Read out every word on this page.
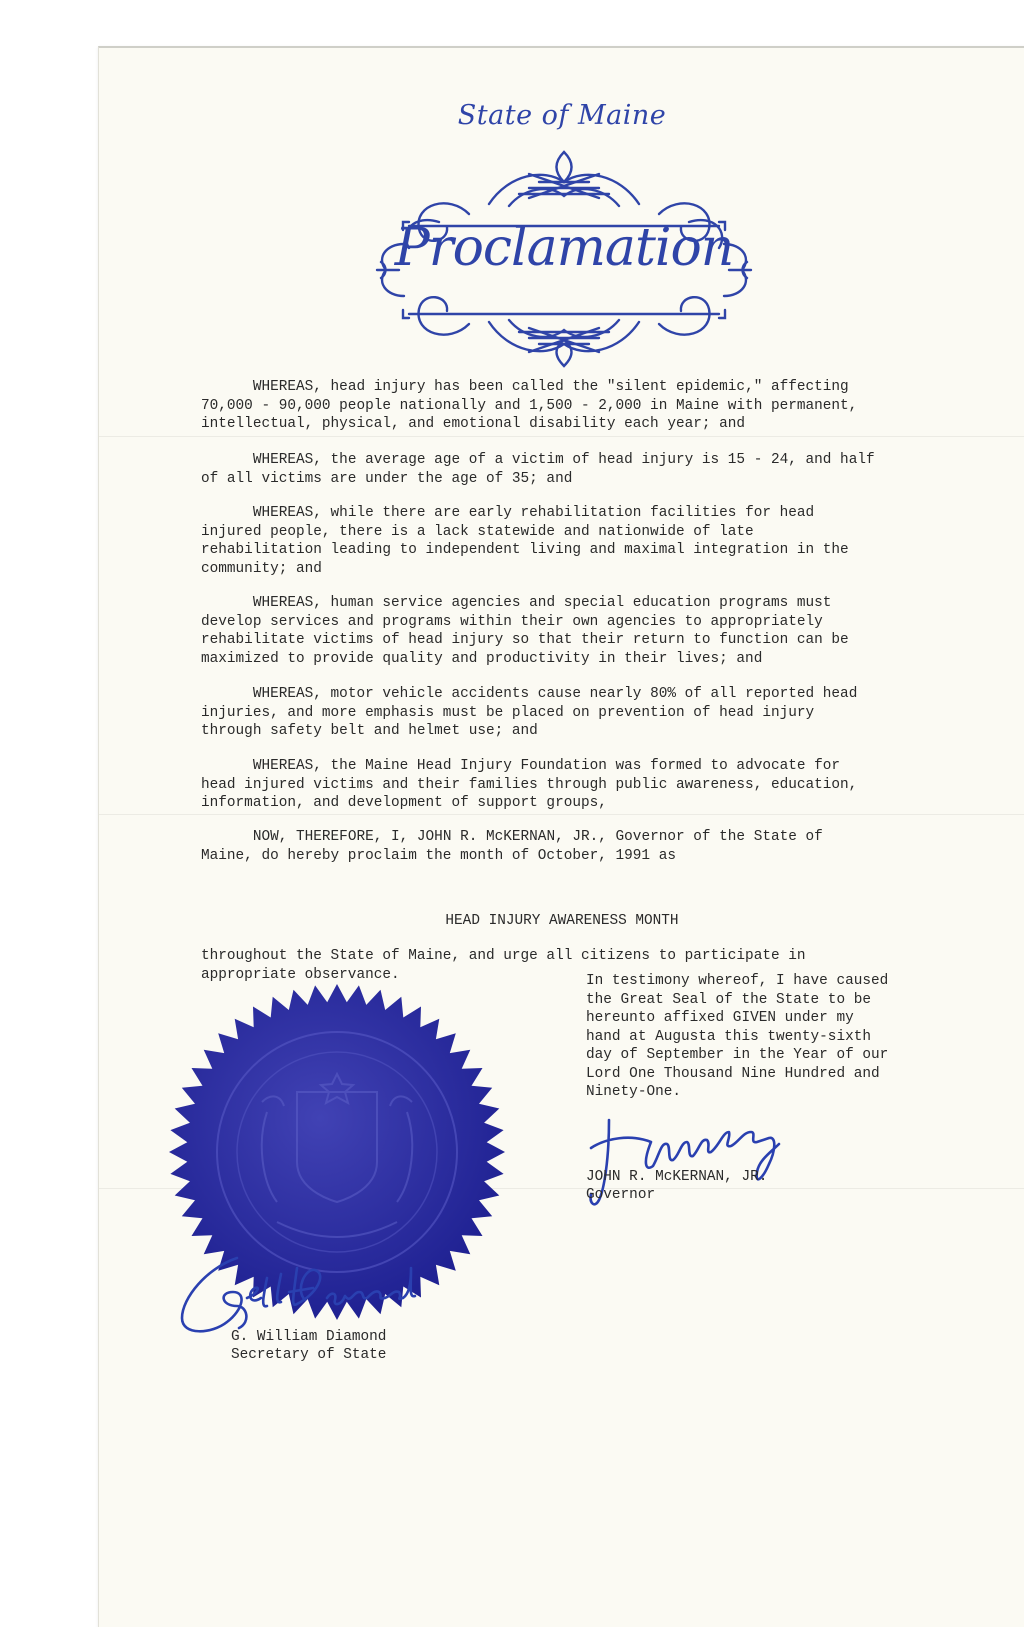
State of Maine
Proclamation

WHEREAS, head injury has been called the "silent epidemic," affecting
70,000 - 90,000 people nationally and 1,500 - 2,000 in Maine with permanent,
intellectual, physical, and emotional disability each year; and

WHEREAS, the average age of a victim of head injury is 15 - 24, and half
of all victims are under the age of 35; and

WHEREAS, while there are early rehabilitation facilities for head
injured people, there is a lack statewide and nationwide of late
rehabilitation leading to independent living and maximal integration in the
community; and

WHEREAS, human service agencies and special education programs must
develop services and programs within their own agencies to appropriately
rehabilitate victims of head injury so that their return to function can be
maximized to provide quality and productivity in their lives; and

WHEREAS, motor vehicle accidents cause nearly 80% of all reported head
injuries, and more emphasis must be placed on prevention of head injury
through safety belt and helmet use; and

WHEREAS, the Maine Head Injury Foundation was formed to advocate for
head injured victims and their families through public awareness, education,
information, and development of support groups,

NOW, THEREFORE, I, JOHN R. McKERNAN, JR., Governor of the State of
Maine, do hereby proclaim the month of October, 1991 as

HEAD INJURY AWARENESS MONTH

throughout the State of Maine, and urge all citizens to participate in
appropriate observance.	In testimony whereof, I have caused
the Great Seal of the State to be
hereunto affixed GIVEN under my
hand at Augusta this twenty-sixth
day of September in the Year of our
Lord One Thousand Nine Hundred and
Ninety-One.

JOHN R. McKERNAN, JR.

Governor

G. William Diamond

Secretary of State
